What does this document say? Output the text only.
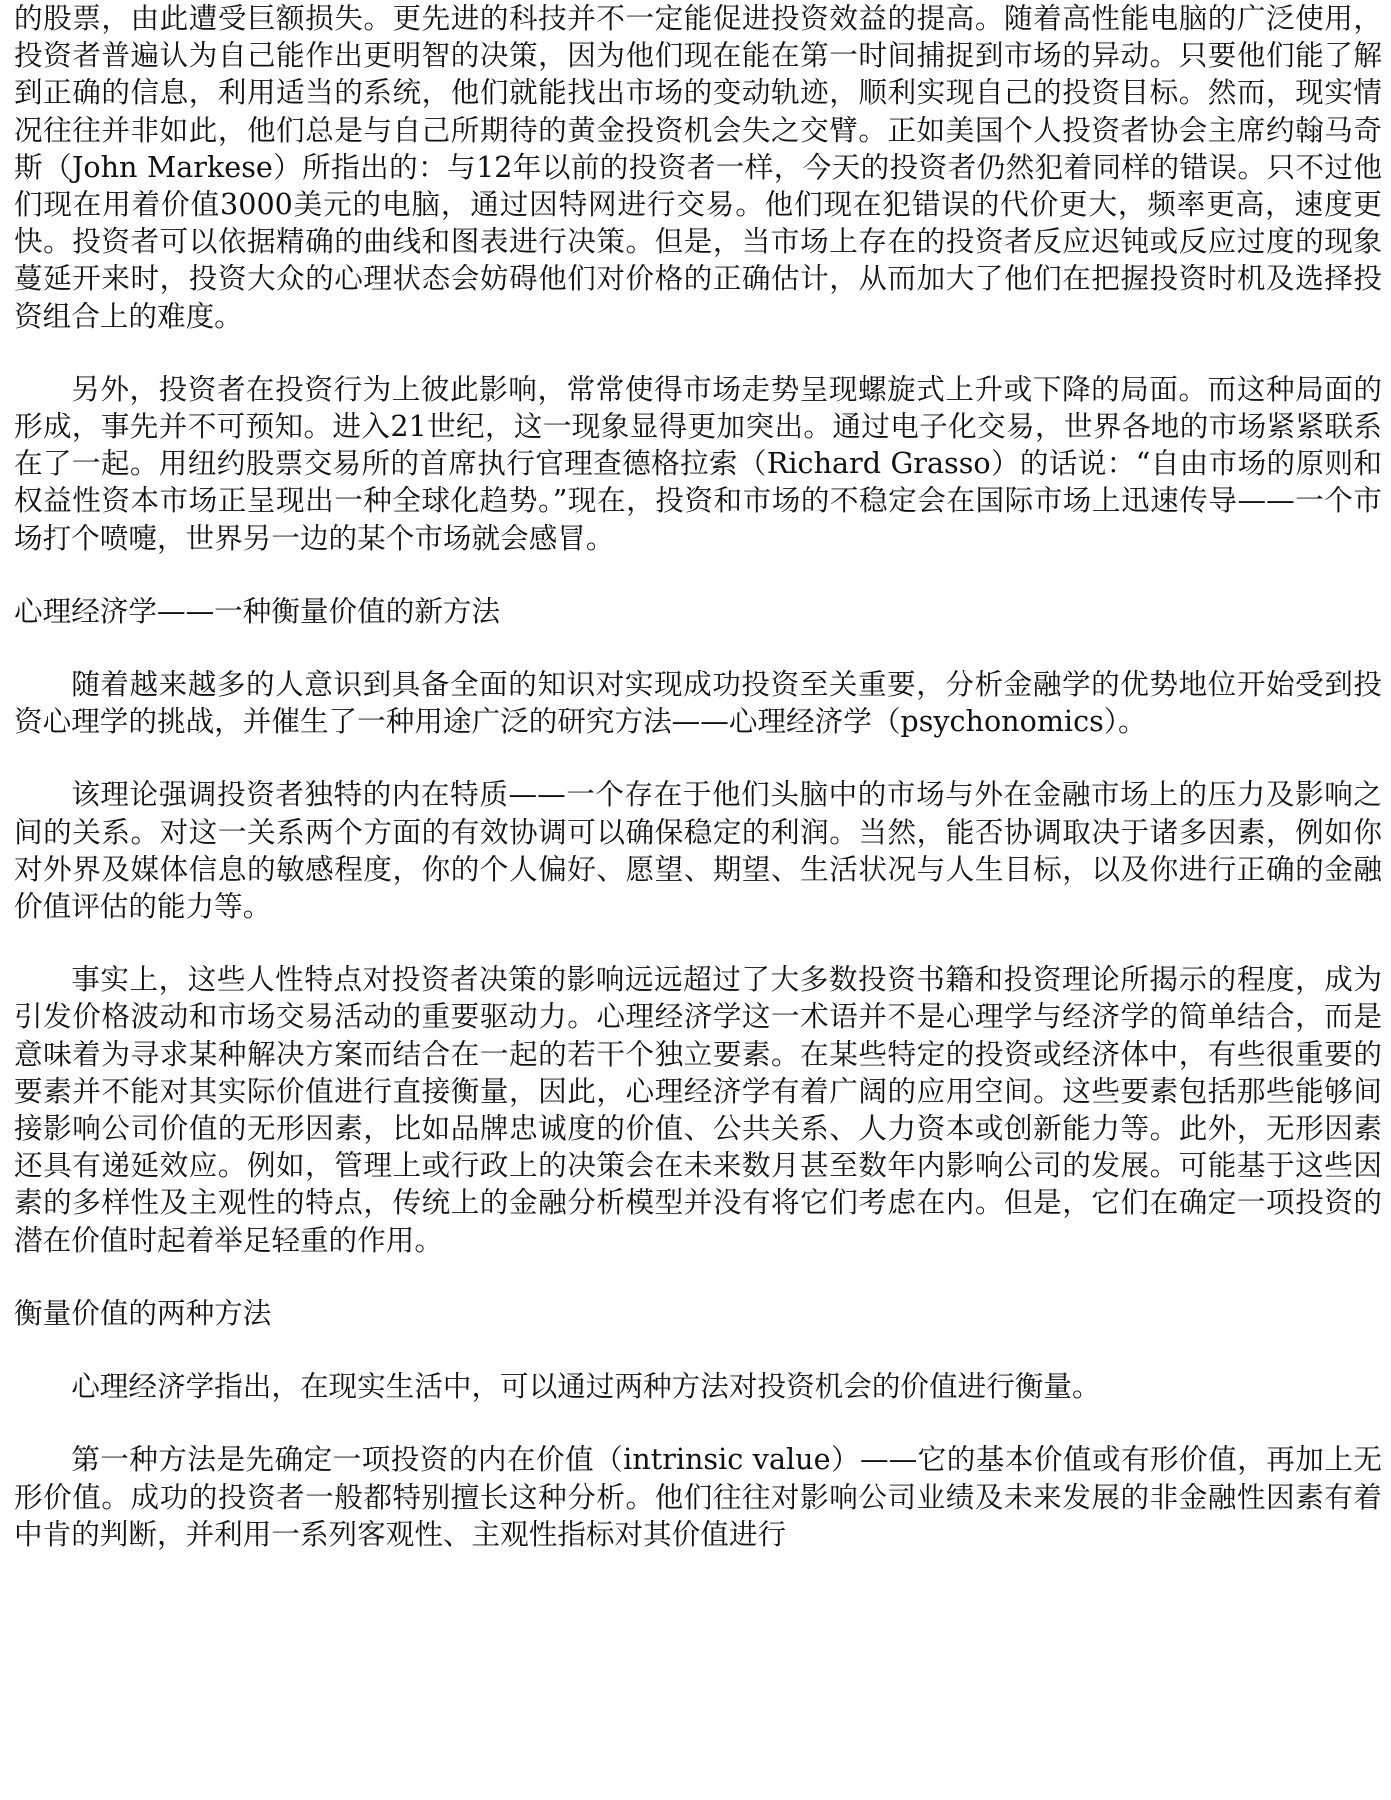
的股票，由此遭受巨额损失。更先进的科技并不一定能促进投资效益的提高。随着高性能电脑的广泛使用，投资者普遍认为自己能作出更明智的决策，因为他们现在能在第一时间捕捉到市场的异动。只要他们能了解到正确的信息，利用适当的系统，他们就能找出市场的变动轨迹，顺利实现自己的投资目标。然而，现实情况往往并非如此，他们总是与自己所期待的黄金投资机会失之交臂。正如美国个人投资者协会主席约翰马奇斯（John Markese）所指出的：与12年以前的投资者一样，今天的投资者仍然犯着同样的错误。只不过他们现在用着价值3000美元的电脑，通过因特网进行交易。他们现在犯错误的代价更大，频率更高，速度更快。投资者可以依据精确的曲线和图表进行决策。但是，当市场上存在的投资者反应迟钝或反应过度的现象蔓延开来时，投资大众的心理状态会妨碍他们对价格的正确估计，从而加大了他们在把握投资时机及选择投资组合上的难度。

另外，投资者在投资行为上彼此影响，常常使得市场走势呈现螺旋式上升或下降的局面。而这种局面的形成，事先并不可预知。进入21世纪，这一现象显得更加突出。通过电子化交易，世界各地的市场紧紧联系在了一起。用纽约股票交易所的首席执行官理查德格拉索（Richard Grasso）的话说：“自由市场的原则和权益性资本市场正呈现出一种全球化趋势。”现在，投资和市场的不稳定会在国际市场上迅速传导——一个市场打个喷嚏，世界另一边的某个市场就会感冒。

心理经济学——一种衡量价值的新方法

随着越来越多的人意识到具备全面的知识对实现成功投资至关重要，分析金融学的优势地位开始受到投资心理学的挑战，并催生了一种用途广泛的研究方法——心理经济学（psychonomics）。

该理论强调投资者独特的内在特质——一个存在于他们头脑中的市场与外在金融市场上的压力及影响之间的关系。对这一关系两个方面的有效协调可以确保稳定的利润。当然，能否协调取决于诸多因素，例如你对外界及媒体信息的敏感程度，你的个人偏好、愿望、期望、生活状况与人生目标，以及你进行正确的金融价值评估的能力等。

事实上，这些人性特点对投资者决策的影响远远超过了大多数投资书籍和投资理论所揭示的程度，成为引发价格波动和市场交易活动的重要驱动力。心理经济学这一术语并不是心理学与经济学的简单结合，而是意味着为寻求某种解决方案而结合在一起的若干个独立要素。在某些特定的投资或经济体中，有些很重要的要素并不能对其实际价值进行直接衡量，因此，心理经济学有着广阔的应用空间。这些要素包括那些能够间接影响公司价值的无形因素，比如品牌忠诚度的价值、公共关系、人力资本或创新能力等。此外，无形因素还具有递延效应。例如，管理上或行政上的决策会在未来数月甚至数年内影响公司的发展。可能基于这些因素的多样性及主观性的特点，传统上的金融分析模型并没有将它们考虑在内。但是，它们在确定一项投资的潜在价值时起着举足轻重的作用。

衡量价值的两种方法

心理经济学指出，在现实生活中，可以通过两种方法对投资机会的价值进行衡量。

第一种方法是先确定一项投资的内在价值（intrinsic value）——它的基本价值或有形价值，再加上无形价值。成功的投资者一般都特别擅长这种分析。他们往往对影响公司业绩及未来发展的非金融性因素有着中肯的判断，并利用一系列客观性、主观性指标对其价值进行
